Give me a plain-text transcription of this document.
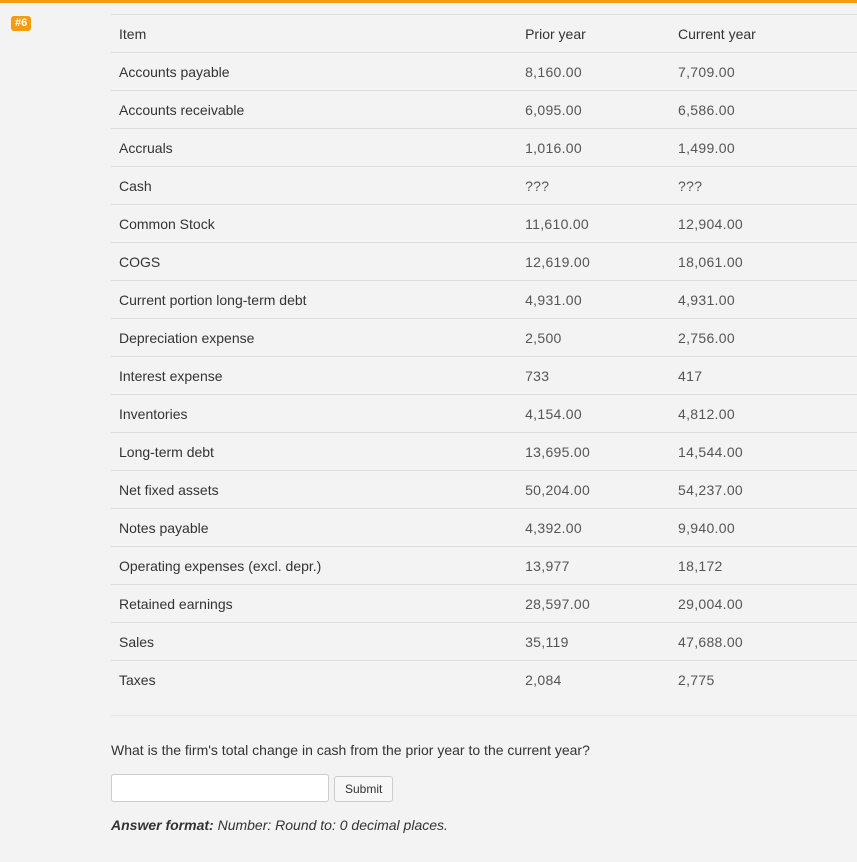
#6
Item	Prior year	Current year
Accounts payable	8,160.00	7,709.00
Accounts receivable	6,095.00	6,586.00
Accruals	1,016.00	1,499.00
Cash	???	???
Common Stock	11,610.00	12,904.00
COGS	12,619.00	18,061.00
Current portion long-term debt	4,931.00	4,931.00
Depreciation expense	2,500	2,756.00
Interest expense	733	417
Inventories	4,154.00	4,812.00
Long-term debt	13,695.00	14,544.00
Net fixed assets	50,204.00	54,237.00
Notes payable	4,392.00	9,940.00
Operating expenses (excl. depr.)	13,977	18,172
Retained earnings	28,597.00	29,004.00
Sales	35,119	47,688.00
Taxes	2,084	2,775
What is the firm's total change in cash from the prior year to the current year?
Submit
Answer format: Number: Round to: 0 decimal places.
